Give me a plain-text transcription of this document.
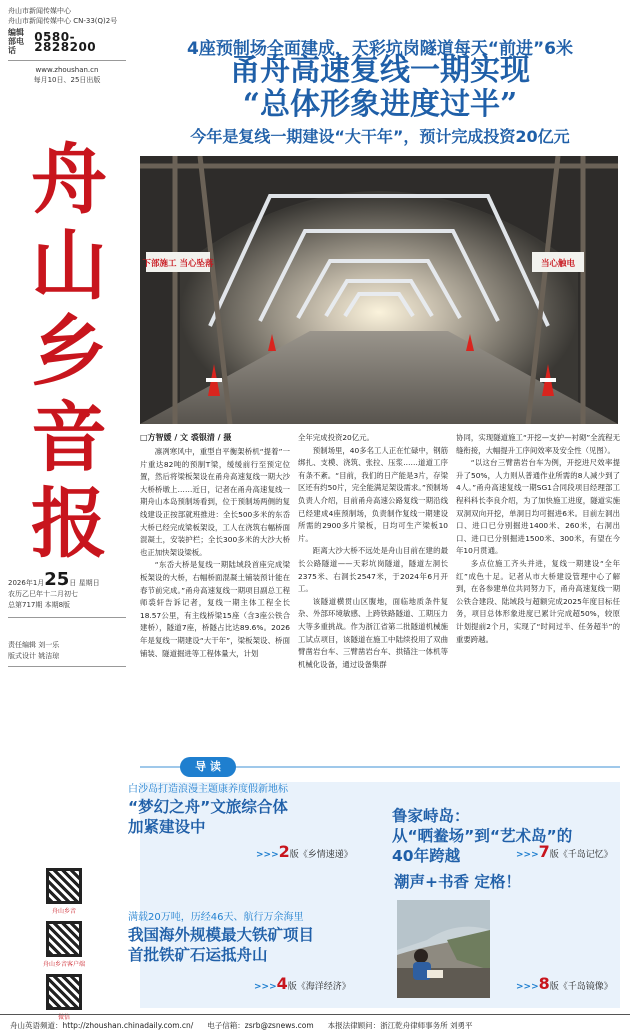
舟山市新闻传媒中心
舟山市新闻传媒中心 CN-33(Q)2号
编辑部电话
0580-2828200
www.zhoushan.cn
每月10日、25日出版
舟
山
乡
音
报
2026年1月25日 星期日
农历乙巳年十二月初七
总第717期 本期8版
责任编辑 刘一乐
版式设计 姚洁琼
舟山乡音
舟山乡音客户端
微信
4座预制场全面建成，天彩坑岗隧道每天“前进”6米
甬舟高速复线一期实现
“总体形象进度过半”
今年是复线一期建设“大干年”，预计完成投资20亿元
下部施工 当心坠落	当心触电
□方智媛 / 文 裘银清 / 摄

凛冽寒风中，重型自平衡架桥机“提着”一片重达82吨的预制T梁，缓缓前行至预定位置，然后将梁板架设在甬舟高速复线一期大沙大桥桥墩上……近日，记者在甬舟高速复线一期舟山本岛预制场看到，位于预制场两侧的复线建设正按部就班推进：全长500多米的东岙大桥已经完成梁板架设，工人在浇筑右幅桥面混凝土，安装护栏；全长300多米的大沙大桥也正加快架设梁板。

“东岙大桥是复线一期陆域段首座完成梁板架设的大桥，右幅桥面混凝土铺装预计能在春节前完成。”甬舟高速复线一期项目副总工程师裘轩告诉记者，复线一期主体工程全长18.57公里，有主线桥梁15座（含3座公铁合建桥），隧道7座，桥隧占比达89.6%。2026年是复线一期建设“大干年”，梁板架设、桥面铺装、隧道掘进等工程体量大，计划

全年完成投资20亿元。

预制场里，40多名工人正在忙碌中，钢筋绑扎、支模、浇筑、张拉、压浆……道道工序有条不紊。“目前，我们的日产能是3片，存梁区还有约50片，完全能满足架设需求。”预制场负责人介绍，目前甬舟高速公路复线一期沿线已经建成4座预制场，负责制作复线一期建设所需的2900多片梁板，日均可生产梁板10片。

距离大沙大桥不远处是舟山目前在建的最长公路隧道——天彩坑岗隧道，隧道左洞长2375米、右洞长2547米，于2024年6月开工。

该隧道横贯山区腹地，面临地质条件复杂、外部环境敏感、上跨铁路隧道、工期压力大等多重挑战。作为浙江省第二批隧道机械施工试点项目，该隧道在施工中陆续投用了双曲臂凿岩台车、三臂凿岩台车、拱锚注一体机等机械化设备，通过设备集群

协同，实现隧道施工“开挖—支护—衬砌”全流程无缝衔接，大幅提升工序间效率及安全性（见图）。

“以这台三臂凿岩台车为例，开挖进尺效率提升了50%，人力则从普通作业所需的8人减少到了4人。”甬舟高速复线一期SG1合同段项目经理部工程科科长李良介绍，为了加快施工进度，隧道实施双洞双向开挖，单洞日均可掘进6米。目前左洞出口、进口已分别掘进1400米、260米，右洞出口、进口已分别掘进1500米、300米，有望在今年10月贯通。

多点位施工齐头并进，复线一期建设“全年红”成色十足。记者从市大桥建设管理中心了解到，在各参建单位共同努力下，甬舟高速复线一期公铁合建段、陆域段与超额完成2025年度目标任务，项目总体形象进度已累计完成超50%，较原计划提前2个月，实现了“时间过半、任务超半”的重要跨越。

导 读
白沙岛打造浪漫主题康养度假新地标
“梦幻之舟”文旅综合体
加紧建设中
>>>2版《乡情速递》
鲁家峙岛：
从“晒鲞场”到“艺术岛”的
40年跨越	>>>7版《千岛记忆》
满载20万吨，历经46天、航行万余海里
我国海外规模最大铁矿项目
首批铁矿石运抵舟山
>>>4版《海洋经济》
潮声+书香 定格！
>>>8版《千岛镜像》
舟山英语频道：http://zhoushan.chinadaily.com.cn/ 电子信箱：zsrb@zsnews.com 本报法律顾问：浙江乾舟律师事务所 刘勇平
